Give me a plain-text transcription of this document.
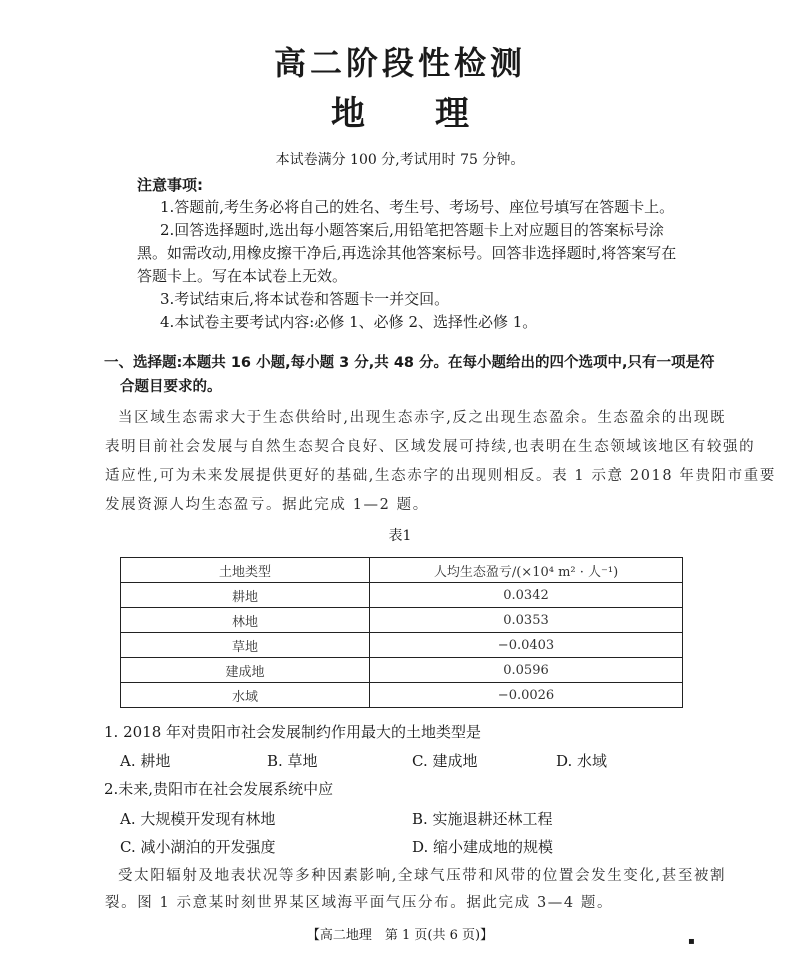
高二阶段性检测
地理
本试卷满分 100 分,考试用时 75 分钟。
注意事项:
1.答题前,考生务必将自己的姓名、考生号、考场号、座位号填写在答题卡上。
2.回答选择题时,选出每小题答案后,用铅笔把答题卡上对应题目的答案标号涂
黑。如需改动,用橡皮擦干净后,再选涂其他答案标号。回答非选择题时,将答案写在
答题卡上。写在本试卷上无效。
3.考试结束后,将本试卷和答题卡一并交回。
4.本试卷主要考试内容:必修 1、必修 2、选择性必修 1。
一、选择题:本题共 16 小题,每小题 3 分,共 48 分。在每小题给出的四个选项中,只有一项是符
合题目要求的。
当区域生态需求大于生态供给时,出现生态赤字,反之出现生态盈余。生态盈余的出现既
表明目前社会发展与自然生态契合良好、区域发展可持续,也表明在生态领域该地区有较强的
适应性,可为未来发展提供更好的基础,生态赤字的出现则相反。表 1 示意 2018 年贵阳市重要
发展资源人均生态盈亏。据此完成 1—2 题。
表1
土地类型	人均生态盈亏/(×10⁴ m² · 人⁻¹)
耕地	0.0342
林地	0.0353
草地	−0.0403
建成地	0.0596
水域	−0.0026
1. 2018 年对贵阳市社会发展制约作用最大的土地类型是
A. 耕地	B. 草地	C. 建成地	D. 水域
2.未来,贵阳市在社会发展系统中应
A. 大规模开发现有林地	B. 实施退耕还林工程
C. 减小湖泊的开发强度	D. 缩小建成地的规模
受太阳辐射及地表状况等多种因素影响,全球气压带和风带的位置会发生变化,甚至被割
裂。图 1 示意某时刻世界某区域海平面气压分布。据此完成 3—4 题。
【高二地理　第 1 页(共 6 页)】	▪
